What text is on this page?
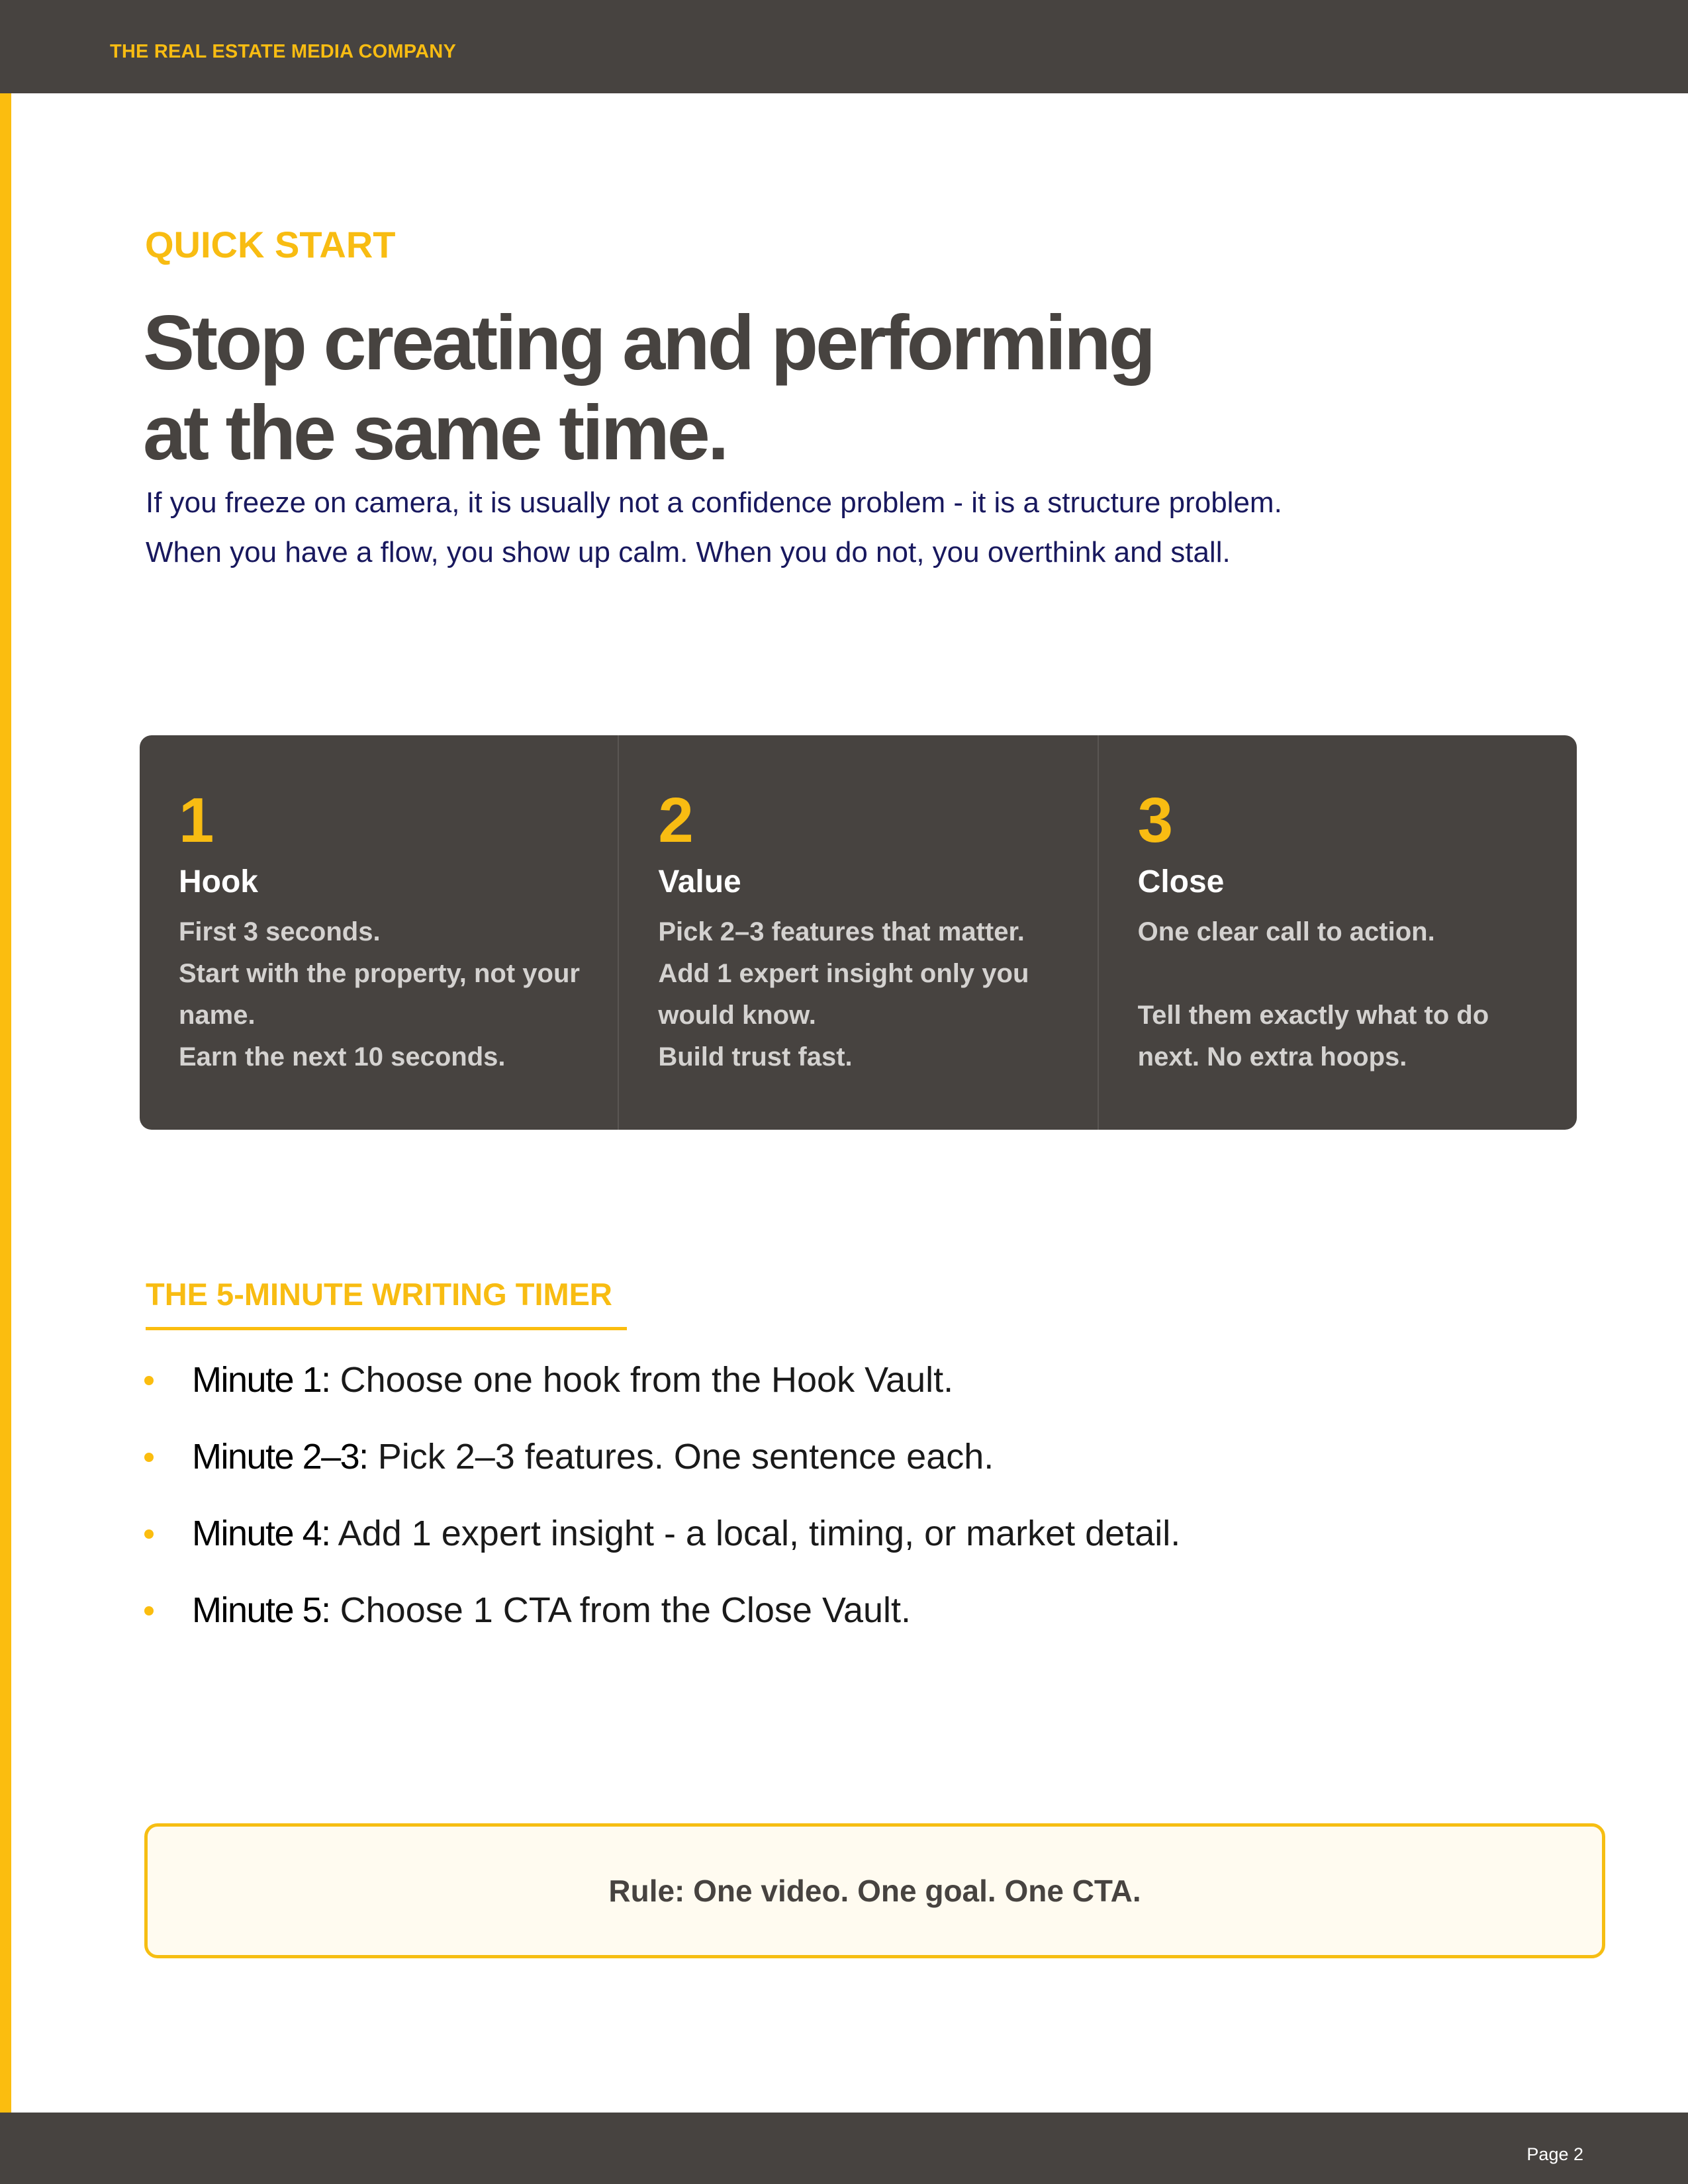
THE REAL ESTATE MEDIA COMPANY
QUICK START
Stop creating and performing
at the same time.

If you freeze on camera, it is usually not a confidence problem - it is a structure problem.
When you have a flow, you show up calm. When you do not, you overthink and stall.

1
Hook
First 3 seconds.
Start with the property, not your name.
Earn the next 10 seconds.
2
Value
Pick 2–3 features that matter. Add 1 expert insight only you would know.
Build trust fast.
3
Close
One clear call to action.

Tell them exactly what to do next. No extra hoops.
THE 5-MINUTE WRITING TIMER
Minute 1: Choose one hook from the Hook Vault.
Minute 2–3: Pick 2–3 features. One sentence each.
Minute 4: Add 1 expert insight - a local, timing, or market detail.
Minute 5: Choose 1 CTA from the Close Vault.
Rule: One video. One goal. One CTA.
Page 2
